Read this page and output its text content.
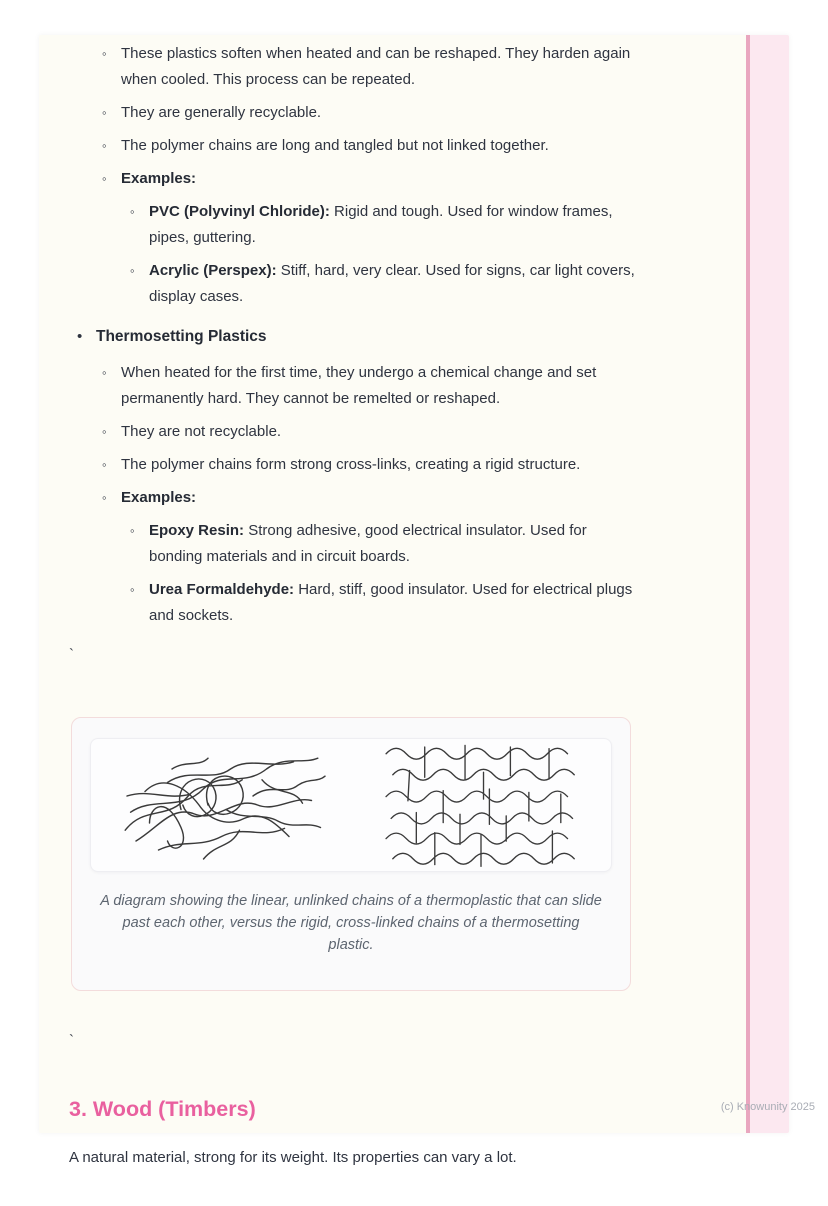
◦ These plastics soften when heated and can be reshaped. They harden again when cooled. This process can be repeated.
◦ They are generally recyclable.
◦ The polymer chains are long and tangled but not linked together.
◦ Examples:
◦ PVC (Polyvinyl Chloride): Rigid and tough. Used for window frames, pipes, guttering.
◦ Acrylic (Perspex): Stiff, hard, very clear. Used for signs, car light covers, display cases.
• Thermosetting Plastics
◦ When heated for the first time, they undergo a chemical change and set permanently hard. They cannot be remelted or reshaped.
◦ They are not recyclable.
◦ The polymer chains form strong cross-links, creating a rigid structure.
◦ Examples:
◦ Epoxy Resin: Strong adhesive, good electrical insulator. Used for bonding materials and in circuit boards.
◦ Urea Formaldehyde: Hard, stiff, good insulator. Used for electrical plugs and sockets.
`
A diagram showing the linear, unlinked chains of a thermoplastic that can slide past each other, versus the rigid, cross-linked chains of a thermosetting plastic.
`
3. Wood (Timbers)

A natural material, strong for its weight. Its properties can vary a lot.

(c) Knowunity 2025
